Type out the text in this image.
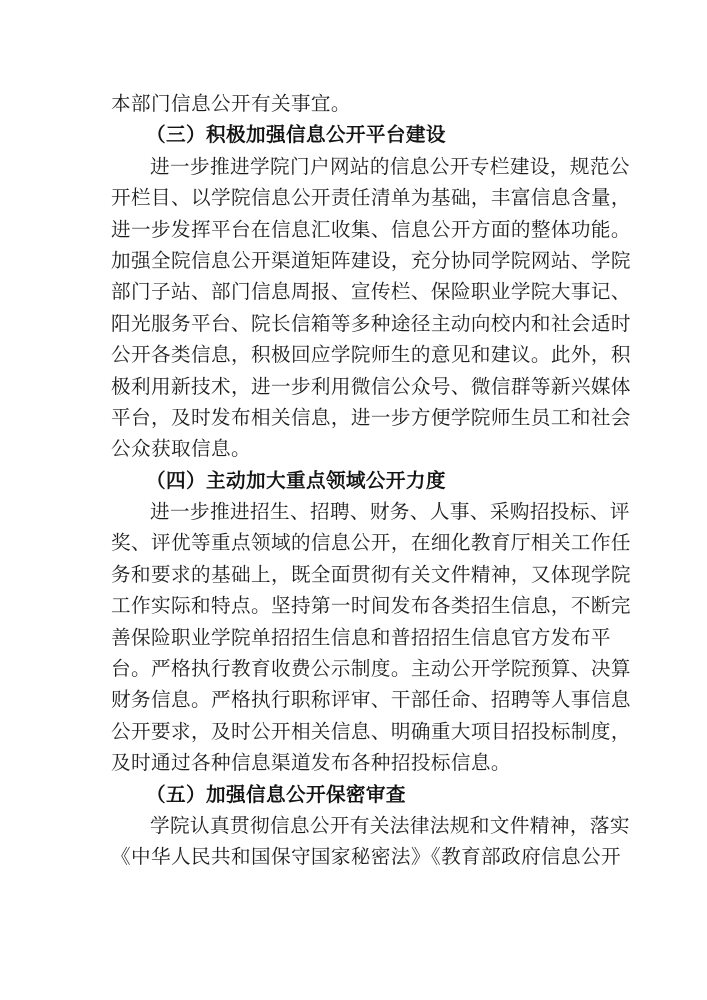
本部门信息公开有关事宜。
（三）积极加强信息公开平台建设
进一步推进学院门户网站的信息公开专栏建设，规范公
开栏目、以学院信息公开责任清单为基础，丰富信息含量，
进一步发挥平台在信息汇收集、信息公开方面的整体功能。
加强全院信息公开渠道矩阵建设，充分协同学院网站、学院
部门子站、部门信息周报、宣传栏、保险职业学院大事记、
阳光服务平台、院长信箱等多种途径主动向校内和社会适时
公开各类信息，积极回应学院师生的意见和建议。此外，积
极利用新技术，进一步利用微信公众号、微信群等新兴媒体
平台，及时发布相关信息，进一步方便学院师生员工和社会
公众获取信息。
（四）主动加大重点领域公开力度
进一步推进招生、招聘、财务、人事、采购招投标、评
奖、评优等重点领域的信息公开，在细化教育厅相关工作任
务和要求的基础上，既全面贯彻有关文件精神，又体现学院
工作实际和特点。坚持第一时间发布各类招生信息，不断完
善保险职业学院单招招生信息和普招招生信息官方发布平
台。严格执行教育收费公示制度。主动公开学院预算、决算
财务信息。严格执行职称评审、干部任命、招聘等人事信息
公开要求，及时公开相关信息、明确重大项目招投标制度，
及时通过各种信息渠道发布各种招投标信息。
（五）加强信息公开保密审查
学院认真贯彻信息公开有关法律法规和文件精神，落实
《中华人民共和国保守国家秘密法》《教育部政府信息公开
